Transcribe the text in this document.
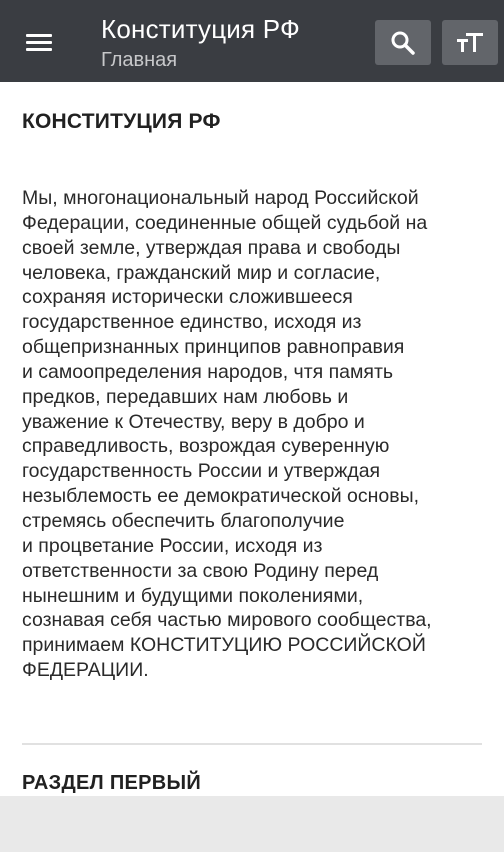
Конституция РФ
Главная
КОНСТИТУЦИЯ РФ
Мы, многонациональный народ Российской
Федерации, соединенные общей судьбой на
своей земле, утверждая права и свободы
человека, гражданский мир и согласие,
сохраняя исторически сложившееся
государственное единство, исходя из
общепризнанных принципов равноправия
и самоопределения народов, чтя память
предков, передавших нам любовь и
уважение к Отечеству, веру в добро и
справедливость, возрождая суверенную
государственность России и утверждая
незыблемость ее демократической основы,
стремясь обеспечить благополучие
и процветание России, исходя из
ответственности за свою Родину перед
нынешним и будущими поколениями,
сознавая себя частью мирового сообщества,
принимаем КОНСТИТУЦИЮ РОССИЙСКОЙ
ФЕДЕРАЦИИ.
РАЗДЕЛ ПЕРВЫЙ
